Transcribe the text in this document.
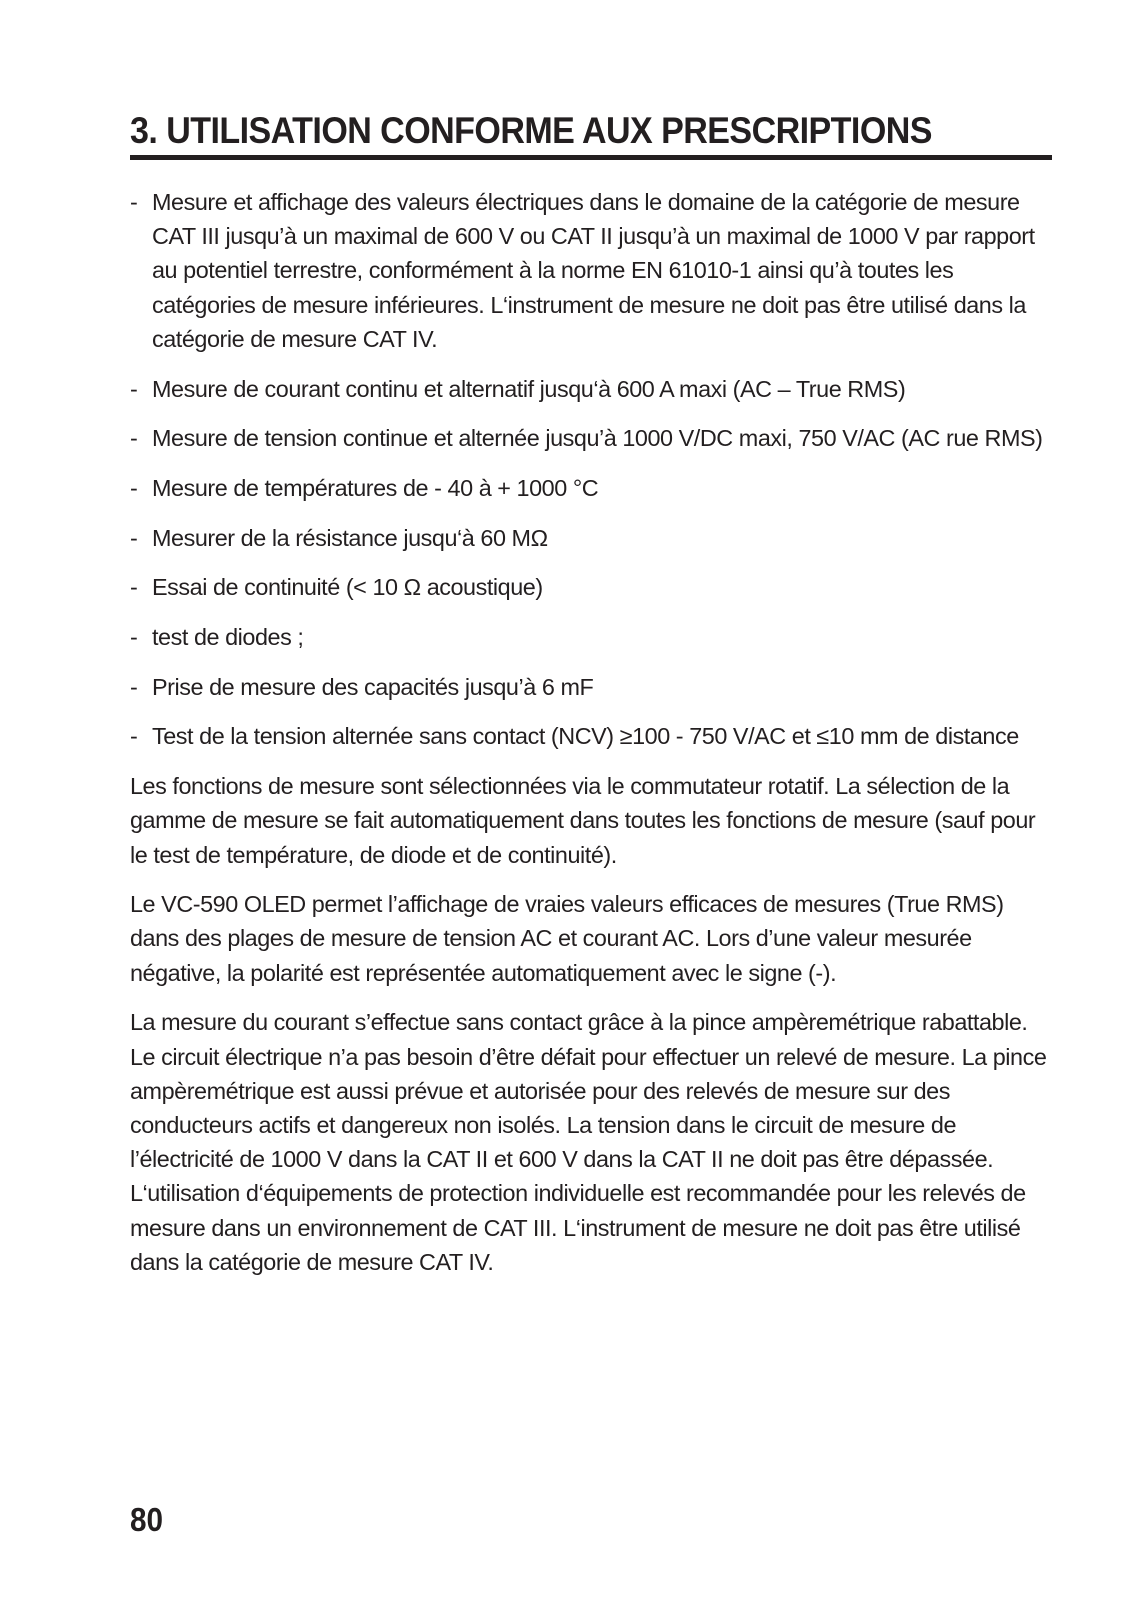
3. UTILISATION CONFORME AUX PRESCRIPTIONS
- Mesure et affichage des valeurs électriques dans le domaine de la catégorie de mesure CAT III jusqu’à un maximal de 600 V ou CAT II jusqu’à un maximal de 1000 V par rapport au potentiel terrestre, conformément à la norme EN 61010-1 ainsi qu’à toutes les catégories de mesure inférieures. L‘instrument de mesure ne doit pas être utilisé dans la catégorie de mesure CAT IV.
- Mesure de courant continu et alternatif jusqu‘à 600 A maxi (AC – True RMS)
- Mesure de tension continue et alternée jusqu’à 1000 V/DC maxi, 750 V/AC (AC rue RMS)
- Mesure de températures de - 40 à + 1000 °C
- Mesurer de la résistance jusqu‘à 60 MΩ
- Essai de continuité (< 10 Ω acoustique)
- test de diodes ;
- Prise de mesure des capacités jusqu’à 6 mF
- Test de la tension alternée sans contact (NCV) ≥100 - 750 V/AC et ≤10 mm de distance

Les fonctions de mesure sont sélectionnées via le commutateur rotatif. La sélection de la gamme de mesure se fait automatiquement dans toutes les fonctions de mesure (sauf pour le test de température, de diode et de continuité).

Le VC-590 OLED permet l’affichage de vraies valeurs efficaces de mesures (True RMS) dans des plages de mesure de tension AC et courant AC. Lors d’une valeur mesurée négative, la polarité est représentée automatiquement avec le signe (-).

La mesure du courant s’effectue sans contact grâce à la pince ampèremétrique rabattable. Le circuit électrique n’a pas besoin d’être défait pour effectuer un relevé de mesure. La pince ampèremétrique est aussi prévue et autorisée pour des relevés de mesure sur des conducteurs actifs et dangereux non isolés. La tension dans le circuit de mesure de l’électricité de 1000 V dans la CAT II et 600 V dans la CAT II ne doit pas être dépassée. L‘utilisation d‘équipements de protection individuelle est recommandée pour les relevés de mesure dans un environnement de CAT III. L‘instrument de mesure ne doit pas être utilisé dans la catégorie de mesure CAT IV.

80
